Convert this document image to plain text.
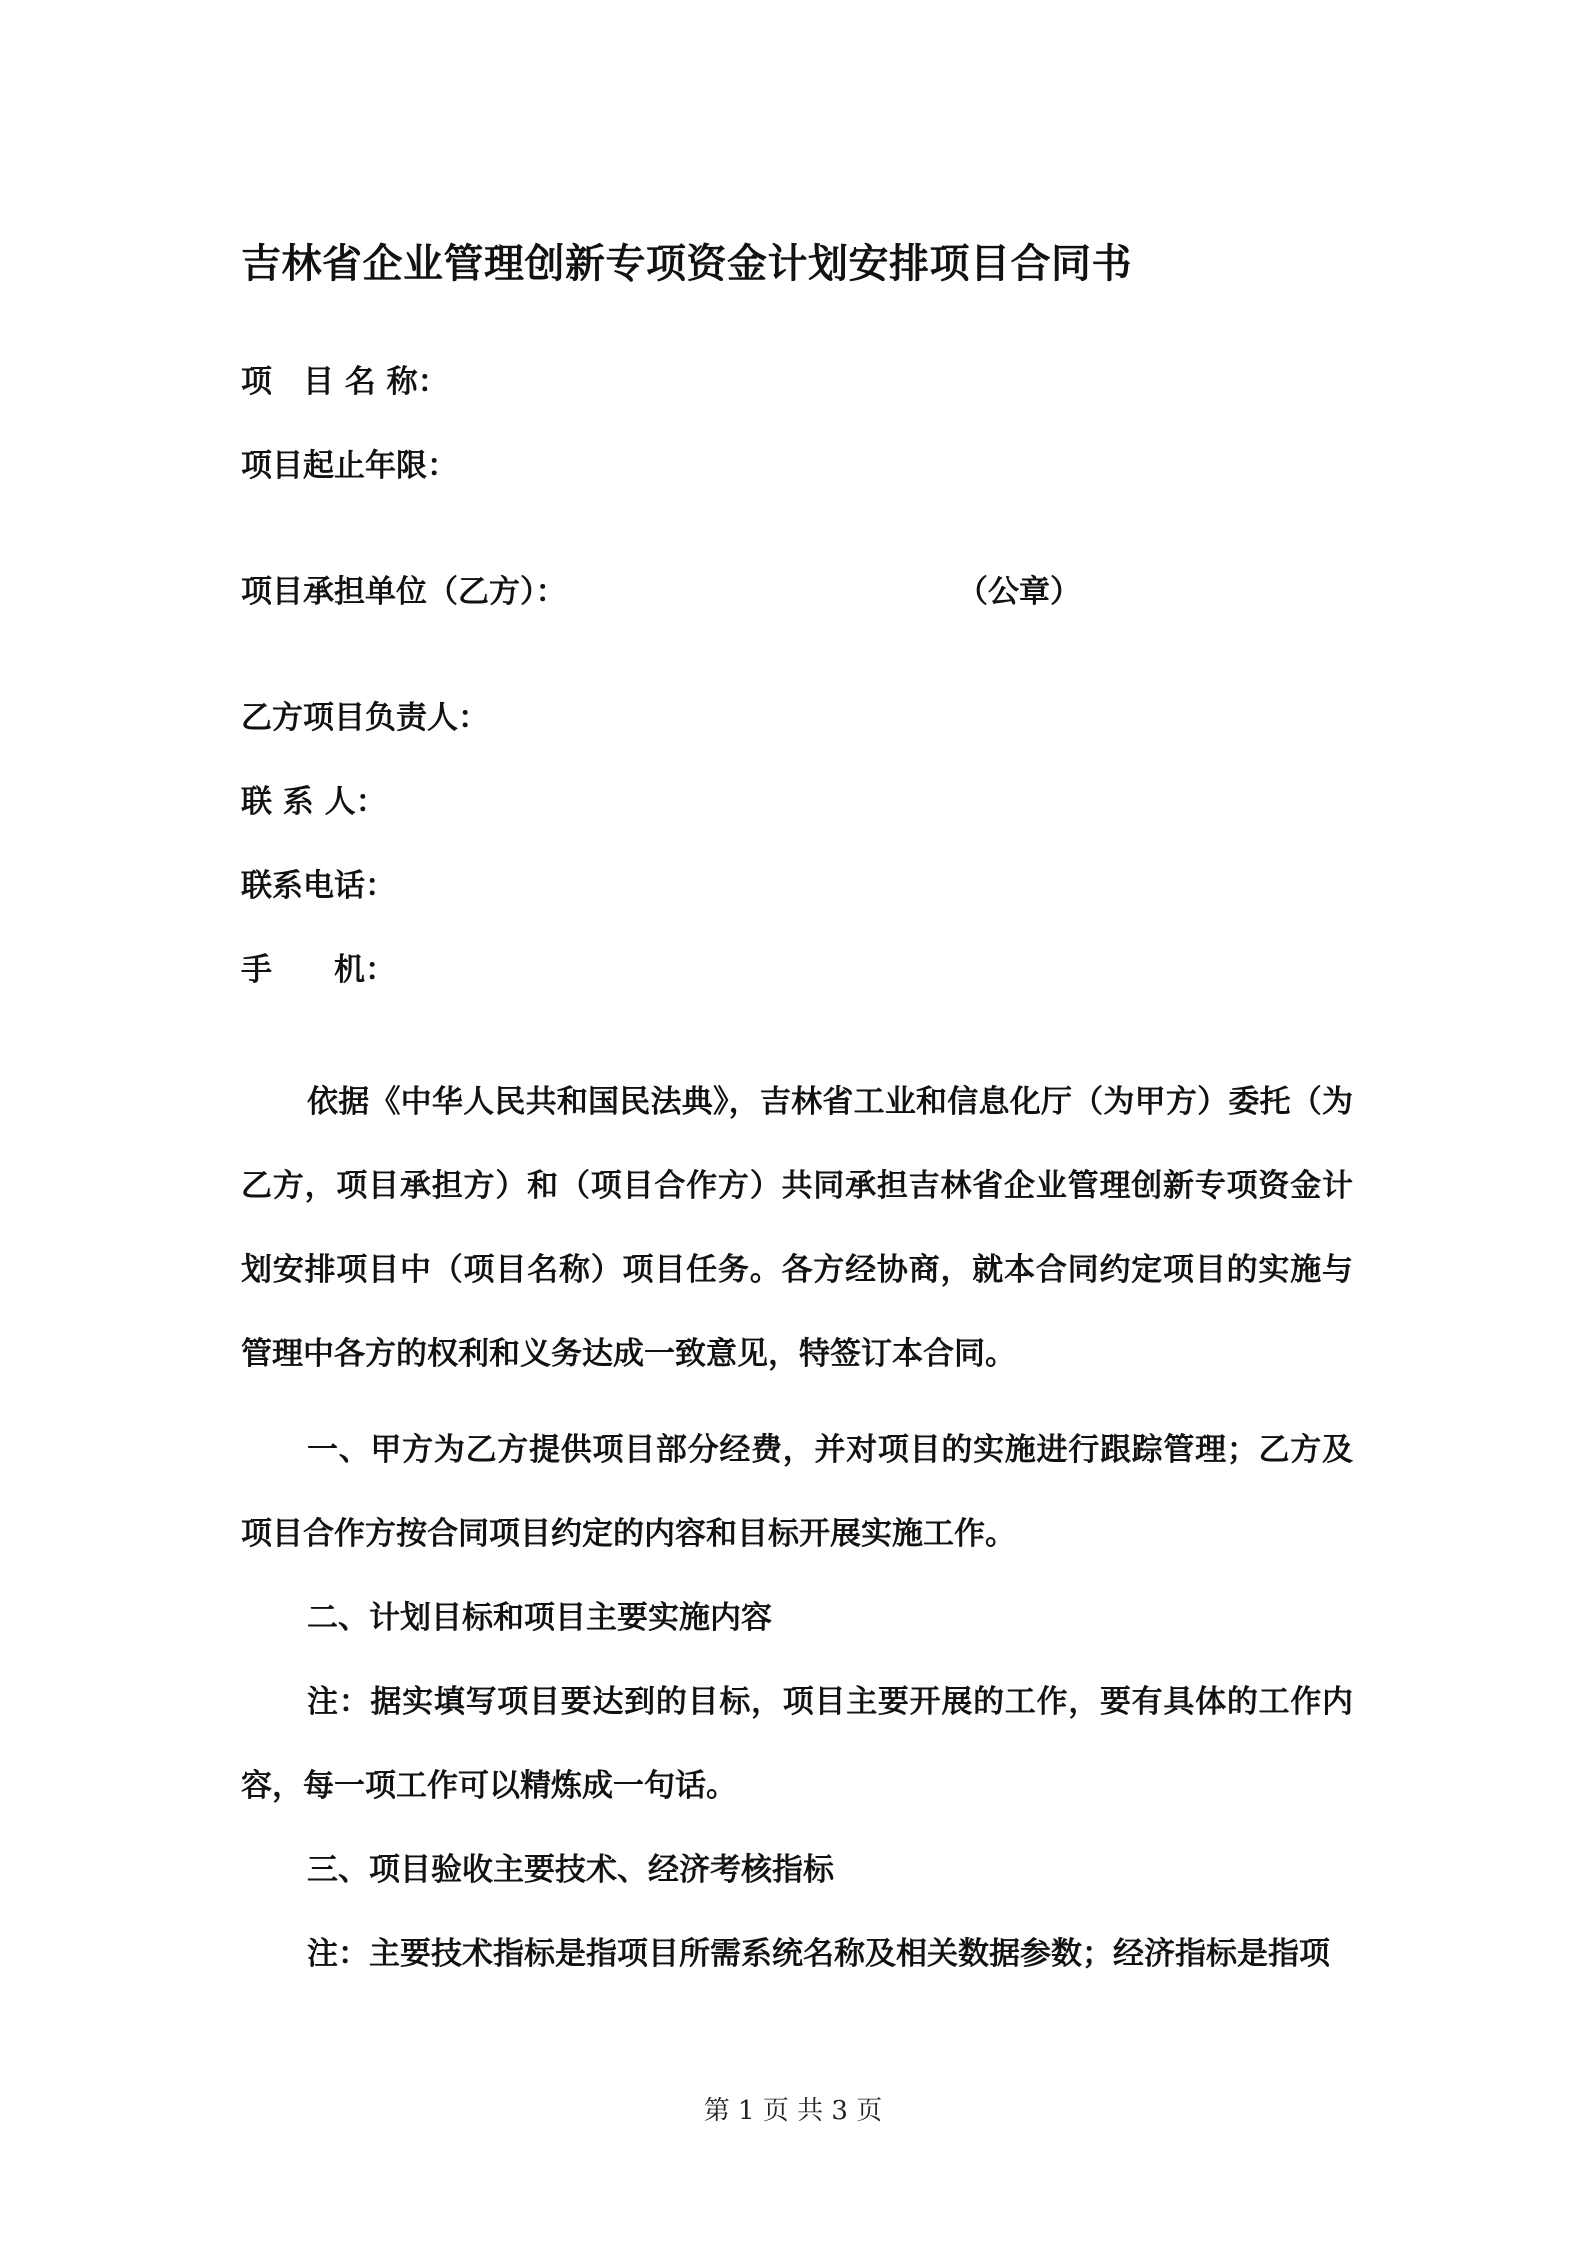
吉林省企业管理创新专项资金计划安排项目合同书
项　目 名 称：
项目起止年限：
项目承担单位（乙方）：	（公章）
乙方项目负责人：
联 系 人：
联系电话：
手　　机：

依据《中华人民共和国民法典》，吉林省工业和信息化厅（为甲方）委托（为乙方，项目承担方）和（项目合作方）共同承担吉林省企业管理创新专项资金计划安排项目中（项目名称）项目任务。各方经协商，就本合同约定项目的实施与管理中各方的权利和义务达成一致意见，特签订本合同。

一、甲方为乙方提供项目部分经费，并对项目的实施进行跟踪管理；乙方及项目合作方按合同项目约定的内容和目标开展实施工作。

二、计划目标和项目主要实施内容

注：据实填写项目要达到的目标，项目主要开展的工作，要有具体的工作内容，每一项工作可以精炼成一句话。

三、项目验收主要技术、经济考核指标

注：主要技术指标是指项目所需系统名称及相关数据参数；经济指标是指项

第 1 页 共 3 页
